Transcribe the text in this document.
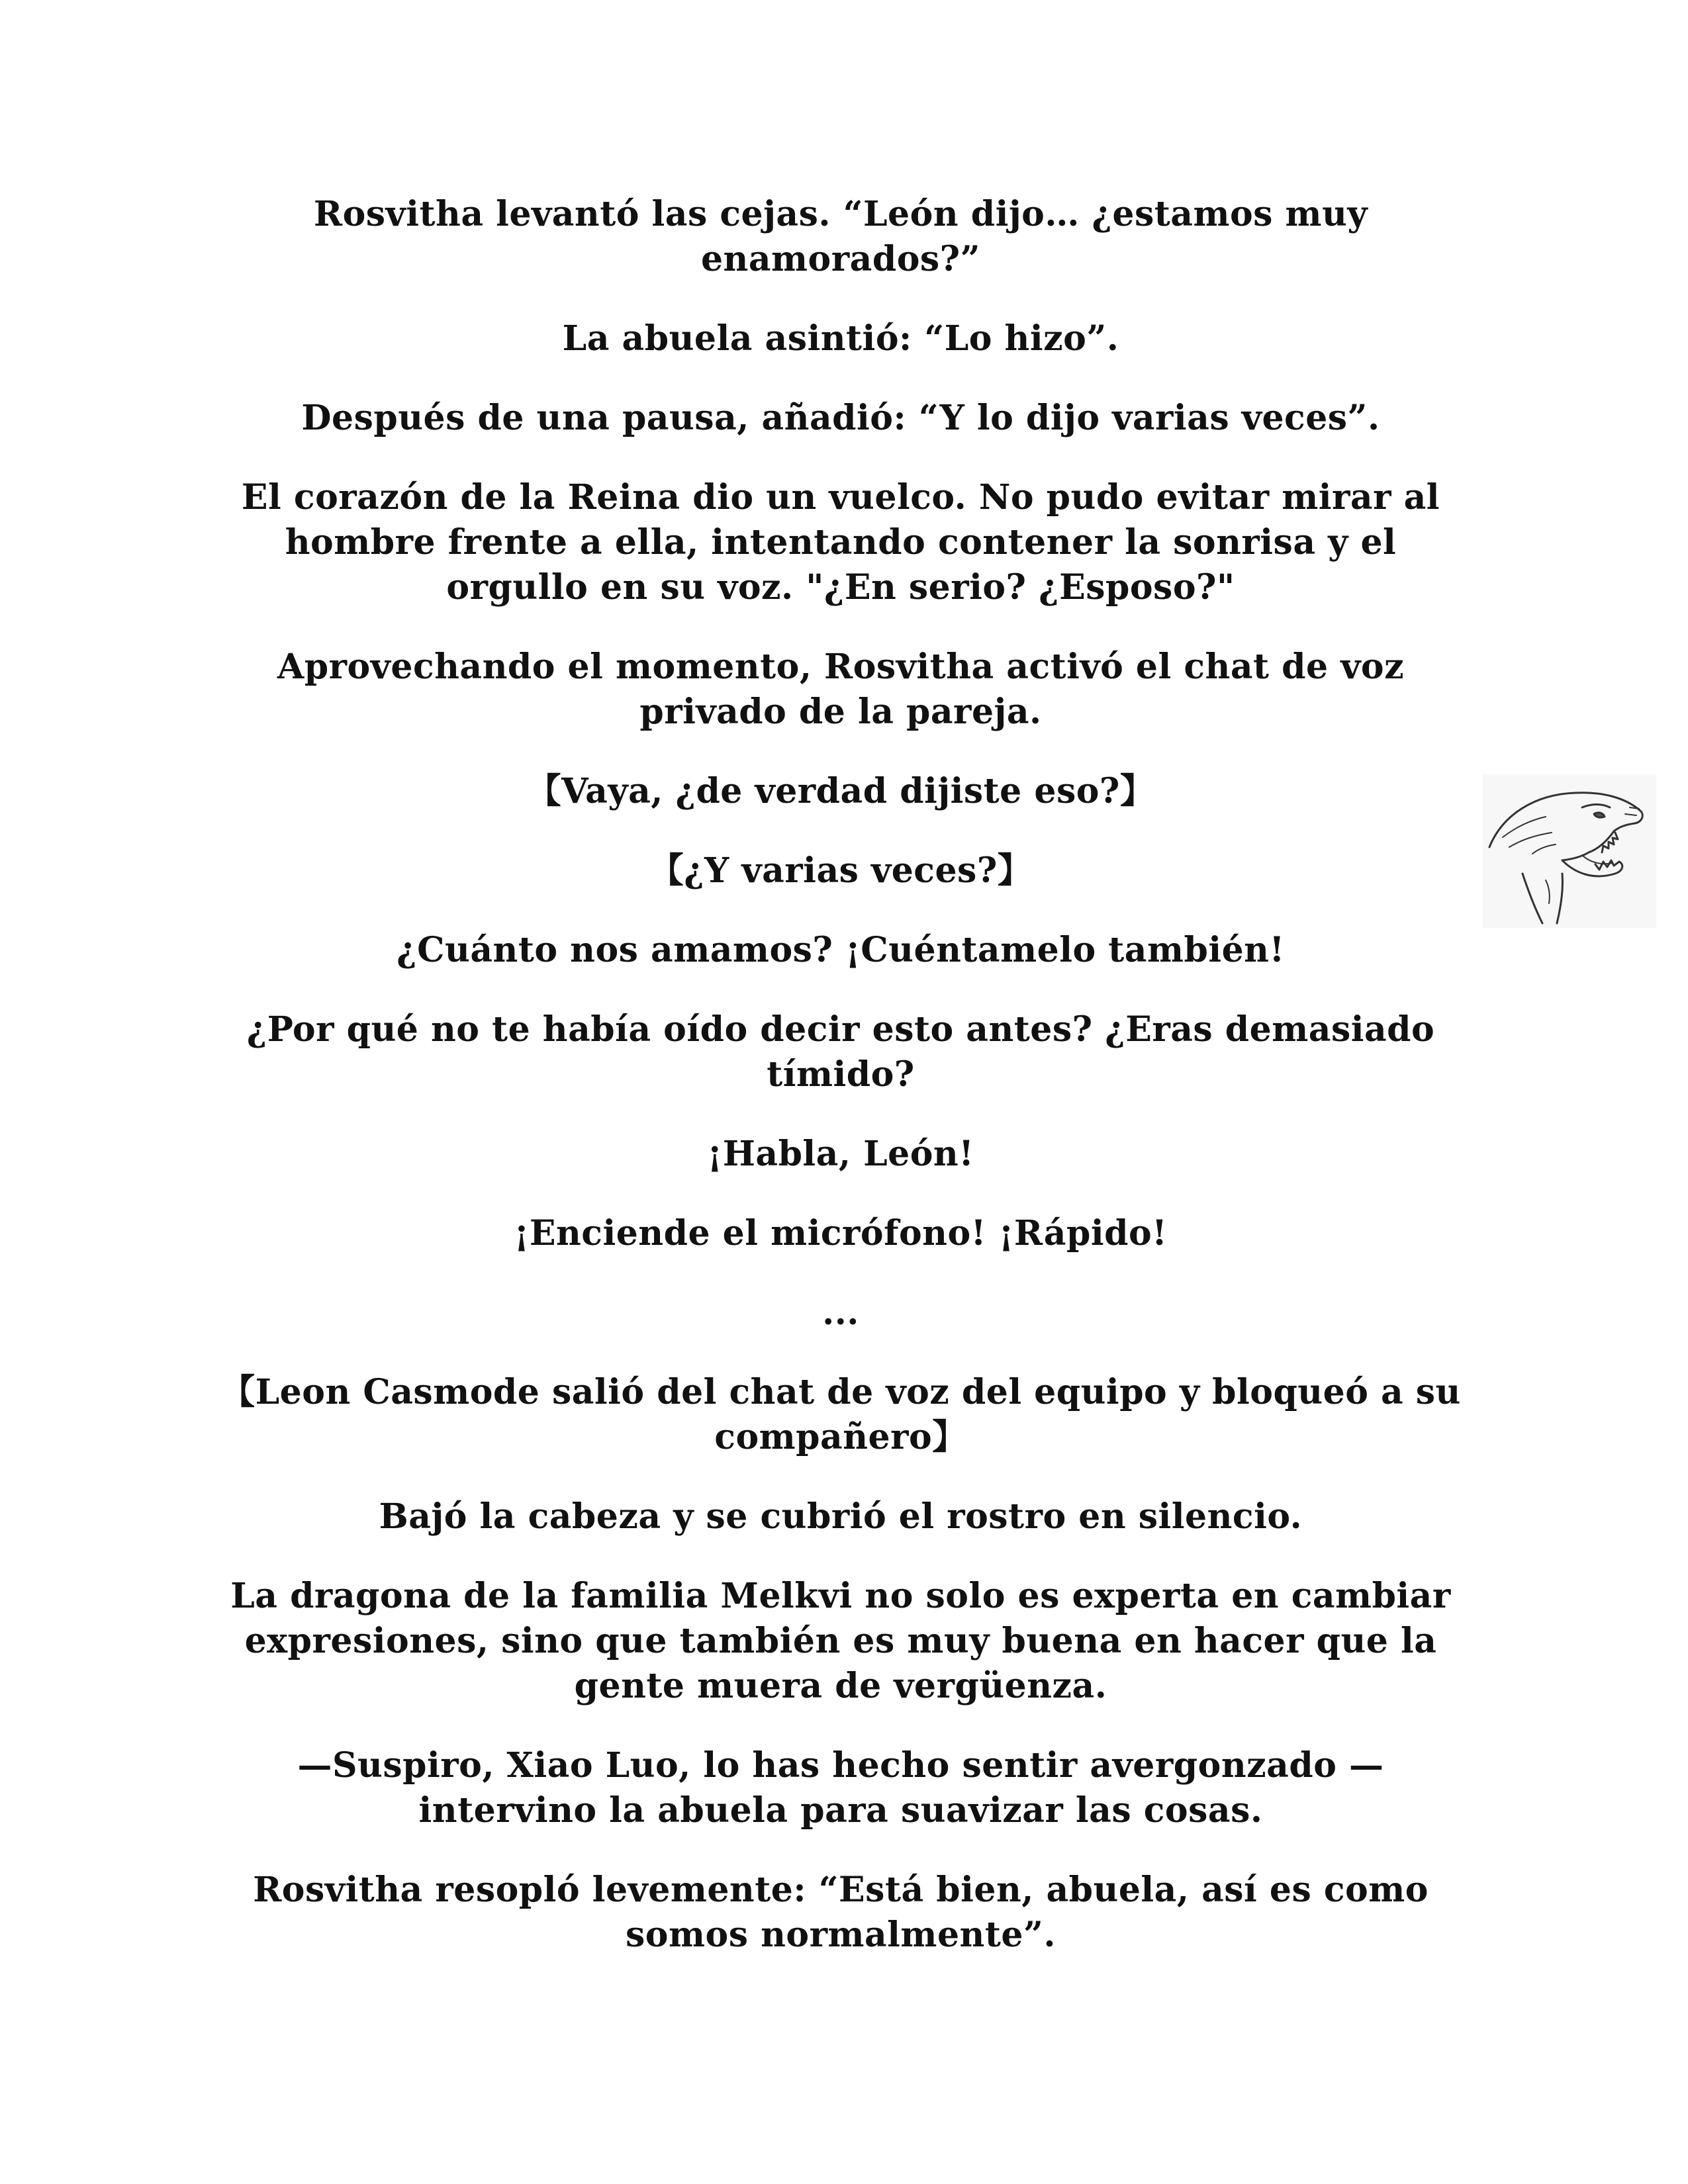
Rosvitha levantó las cejas. “León dijo… ¿estamos muy enamorados?”

La abuela asintió: “Lo hizo”.

Después de una pausa, añadió: “Y lo dijo varias veces”.

El corazón de la Reina dio un vuelco. No pudo evitar mirar al hombre frente a ella, intentando contener la sonrisa y el orgullo en su voz. "¿En serio? ¿Esposo?"

Aprovechando el momento, Rosvitha activó el chat de voz privado de la pareja.

【Vaya, ¿de verdad dijiste eso?】

【¿Y varias veces?】

¿Cuánto nos amamos? ¡Cuéntamelo también!

¿Por qué no te había oído decir esto antes? ¿Eras demasiado tímido?

¡Habla, León!

¡Enciende el micrófono! ¡Rápido!

...

【Leon Casmode salió del chat de voz del equipo y bloqueó a su compañero】

Bajó la cabeza y se cubrió el rostro en silencio.

La dragona de la familia Melkvi no solo es experta en cambiar expresiones, sino que también es muy buena en hacer que la gente muera de vergüenza.

—Suspiro, Xiao Luo, lo has hecho sentir avergonzado — intervino la abuela para suavizar las cosas.

Rosvitha resopló levemente: “Está bien, abuela, así es como somos normalmente”.
